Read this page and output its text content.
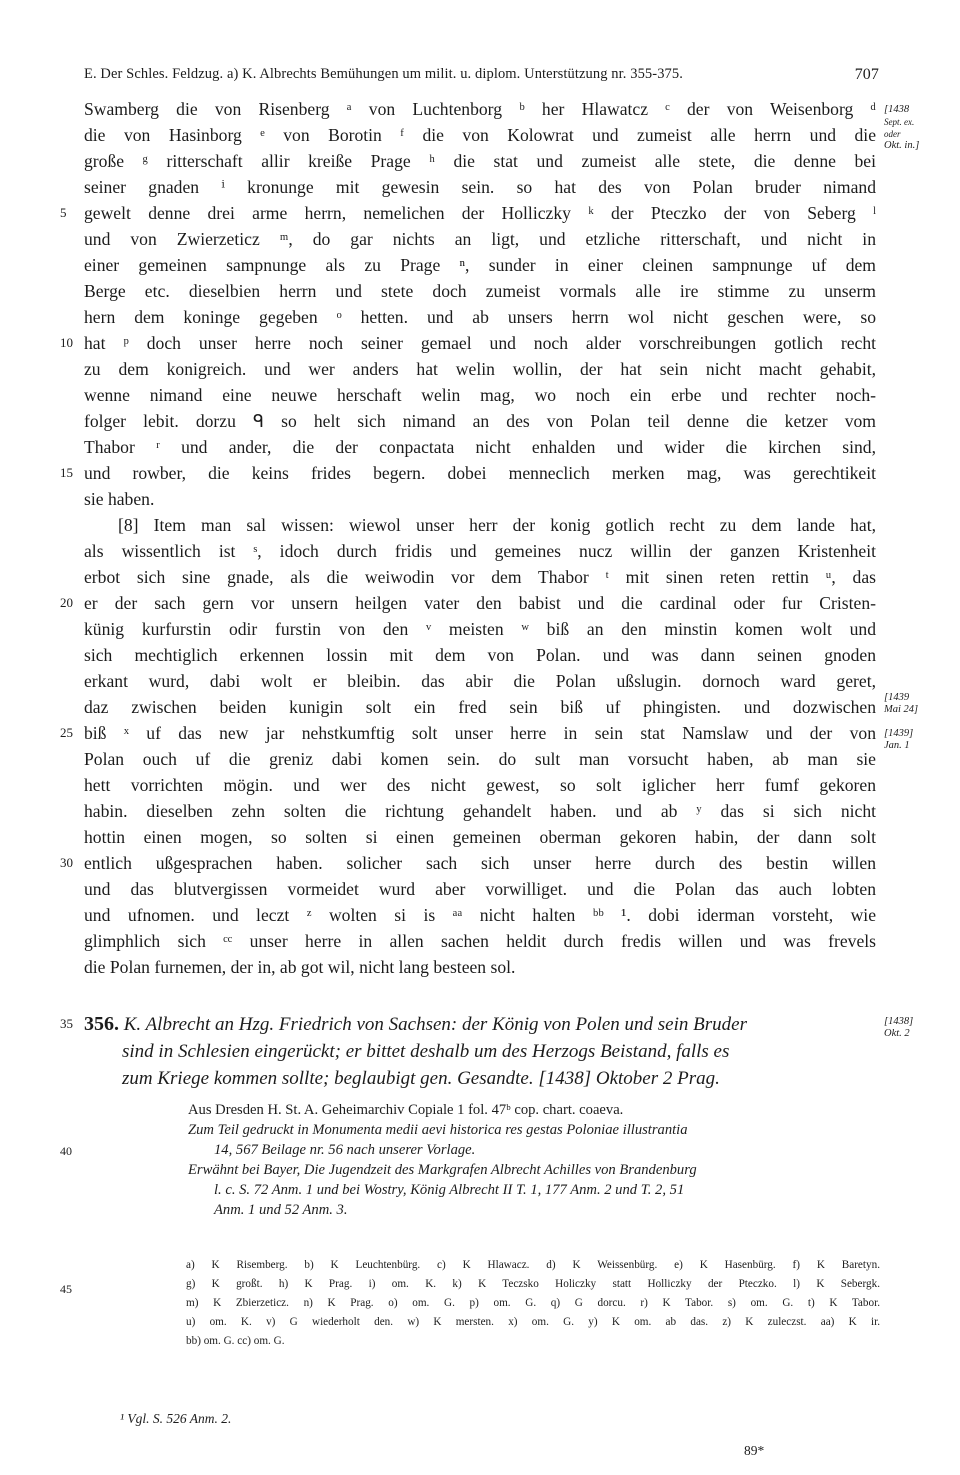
E. Der Schles. Feldzug. a) K. Albrechts Bemühungen um milit. u. diplom. Unterstützung nr. 355-375.	707
Swamberg die von Risenberg ᵃ von Luchtenborg ᵇ her Hlawatcz ᶜ der von Weisenborg ᵈ
die von Hasinborg ᵉ von Borotin ᶠ die von Kolowrat und zumeist alle herrn und die
große ᵍ ritterschaft allir kreiße Prage ʰ die stat und zumeist alle stete, die denne bei
seiner gnaden ⁱ kronunge mit gewesin sein. so hat des von Polan bruder nimand
gewelt denne drei arme herrn, nemelichen der Holliczky ᵏ der Pteczko der von Seberg ˡ
und von Zwierzeticz ᵐ, do gar nichts an ligt, und etzliche ritterschaft, und nicht in
einer gemeinen sampnunge als zu Prage ⁿ, sunder in einer cleinen sampnunge uf dem
Berge etc. dieselbien herrn und stete doch zumeist vormals alle ire stimme zu unserm
hern dem koninge gegeben ᵒ hetten. und ab unsers herrn wol nicht geschen were, so
hat ᵖ doch unser herre noch seiner gemael und noch alder vorschreibungen gotlich recht
zu dem konigreich. und wer anders hat welin wollin, der hat sein nicht macht gehabit,
wenne nimand eine neuwe herschaft welin mag, wo noch ein erbe und rechter noch-
folger lebit. dorzu ᑫ so helt sich nimand an des von Polan teil denne die ketzer vom
Thabor ʳ und ander, die der conpactata nicht enhalden und wider die kirchen sind,
und rowber, die keins frides begern. dobei menneclich merken mag, was gerechtikeit
sie haben.
[8] Item man sal wissen: wiewol unser herr der konig gotlich recht zu dem lande hat,
als wissentlich ist ˢ, idoch durch fridis und gemeines nucz willin der ganzen Kristenheit
erbot sich sine gnade, als die weiwodin vor dem Thabor ᵗ mit sinen reten rettin ᵘ, das
er der sach gern vor unsern heilgen vater den babist und die cardinal oder fur Cristen-
künig kurfurstin odir furstin von den ᵛ meisten ʷ biß an den minstin komen wolt und
sich mechtiglich erkennen lossin mit dem von Polan. und was dann seinen gnoden
erkant wurd, dabi wolt er bleibin. das abir die Polan ußslugin. dornoch ward geret,
daz zwischen beiden kunigin solt ein fred sein biß uf phingisten. und dozwischen
biß ˣ uf das new jar nehstkumftig solt unser herre in sein stat Namslaw und der von
Polan ouch uf die greniz dabi komen sein. do sult man vorsucht haben, ab man sie
hett vorrichten mögin. und wer des nicht gewest, so solt iglicher herr fumf gekoren
habin. dieselben zehn solten die richtung gehandelt haben. und ab ʸ das si sich nicht
hottin einen mogen, so solten si einen gemeinen oberman gekoren habin, der dann solt
entlich ußgesprachen haben. solicher sach sich unser herre durch des bestin willen
und das blutvergissen vormeidet wurd aber vorwilliget. und die Polan das auch lobten
und ufnomen. und leczt ᶻ wolten si is ᵃᵃ nicht halten ᵇᵇ ¹. dobi iderman vorsteht, wie
glimphlich sich ᶜᶜ unser herre in allen sachen heldit durch fredis willen und was frevels
die Polan furnemen, der in, ab got wil, nicht lang besteen sol.
5
10
15
20
25
30
35
40
45
[1438
Sept. ex.
oder
Okt. in.]
[1439
Mai 24]
[1439]
Jan. 1
[1438]
Okt. 2
356. K. Albrecht an Hzg. Friedrich von Sachsen: der König von Polen und sein Bruder
sind in Schlesien eingerückt; er bittet deshalb um des Herzogs Beistand, falls es
zum Kriege kommen sollte; beglaubigt gen. Gesandte. [1438] Oktober 2 Prag.
Aus Dresden H. St. A. Geheimarchiv Copiale 1 fol. 47ᵇ cop. chart. coaeva.
Zum Teil gedruckt in Monumenta medii aevi historica res gestas Poloniae illustrantia
14, 567 Beilage nr. 56 nach unserer Vorlage.
Erwähnt bei Bayer, Die Jugendzeit des Markgrafen Albrecht Achilles von Brandenburg
l. c. S. 72 Anm. 1 und bei Wostry, König Albrecht II T. 1, 177 Anm. 2 und T. 2, 51
Anm. 1 und 52 Anm. 3.
a) K Risemberg. b) K Leuchtenbürg. c) K Hlawacz. d) K Weissenbürg. e) K Hasenbürg. f) K Baretyn.
g) K großt. h) K Prag. i) om. K. k) K Teczsko Holiczky statt Holliczky der Pteczko. l) K Sebergk.
m) K Zbierzeticz. n) K Prag. o) om. G. p) om. G. q) G dorcu. r) K Tabor. s) om. G. t) K Tabor.
u) om. K. v) G wiederholt den. w) K mersten. x) om. G. y) K om. ab das. z) K zuleczst. aa) K ir.
bb) om. G. cc) om. G.
¹ Vgl. S. 526 Anm. 2.
89*
